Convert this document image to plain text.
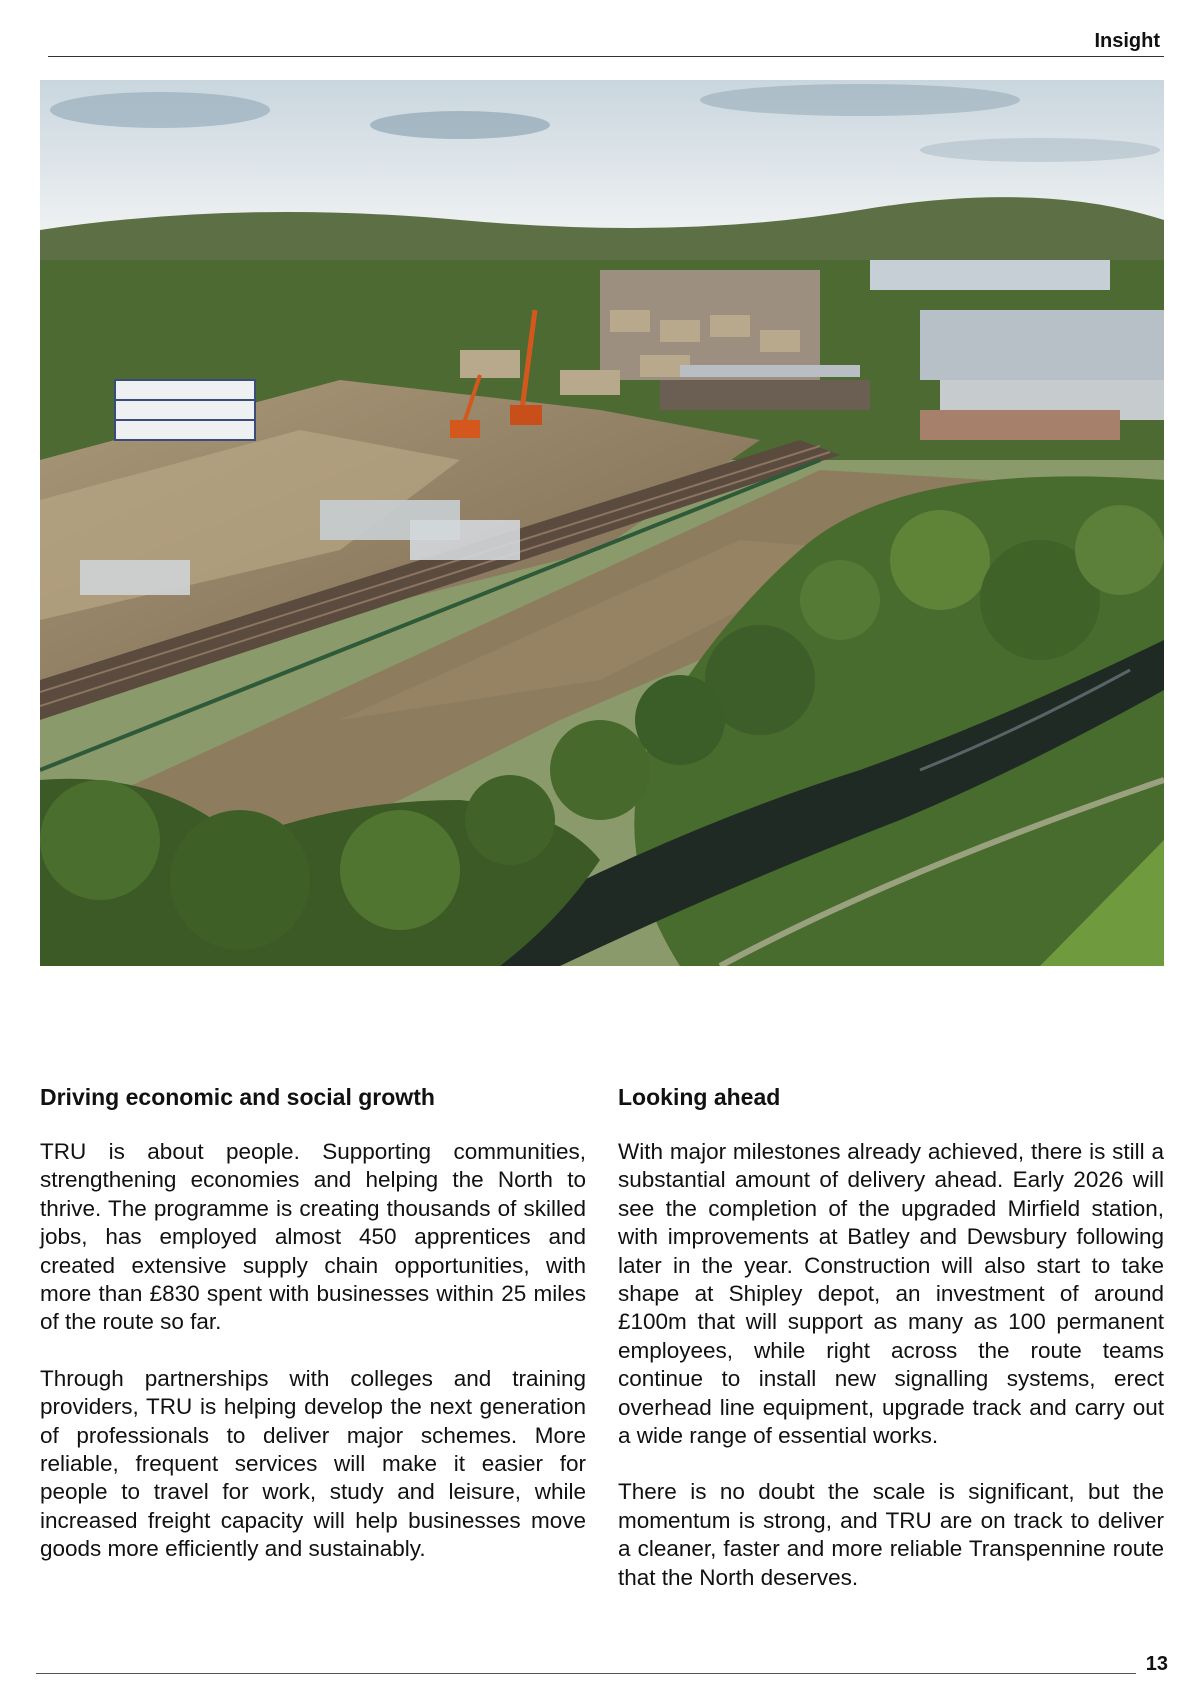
Insight
Driving economic and social growth

TRU is about people. Supporting communities, strengthening economies and helping the North to thrive. The programme is creating thousands of skilled jobs, has employed almost 450 apprentices and created extensive supply chain opportunities, with more than £830 spent with businesses within 25 miles of the route so far.

Through partnerships with colleges and training providers, TRU is helping develop the next generation of professionals to deliver major schemes. More reliable, frequent services will make it easier for people to travel for work, study and leisure, while increased freight capacity will help businesses move goods more efficiently and sustainably.

Looking ahead

With major milestones already achieved, there is still a substantial amount of delivery ahead. Early 2026 will see the completion of the upgraded Mirfield station, with improvements at Batley and Dewsbury following later in the year. Construction will also start to take shape at Shipley depot, an investment of around £100m that will support as many as 100 permanent employees, while right across the route teams continue to install new signalling systems, erect overhead line equipment, upgrade track and carry out a wide range of essential works.

There is no doubt the scale is significant, but the momentum is strong, and TRU are on track to deliver a cleaner, faster and more reliable Transpennine route that the North deserves.

13
